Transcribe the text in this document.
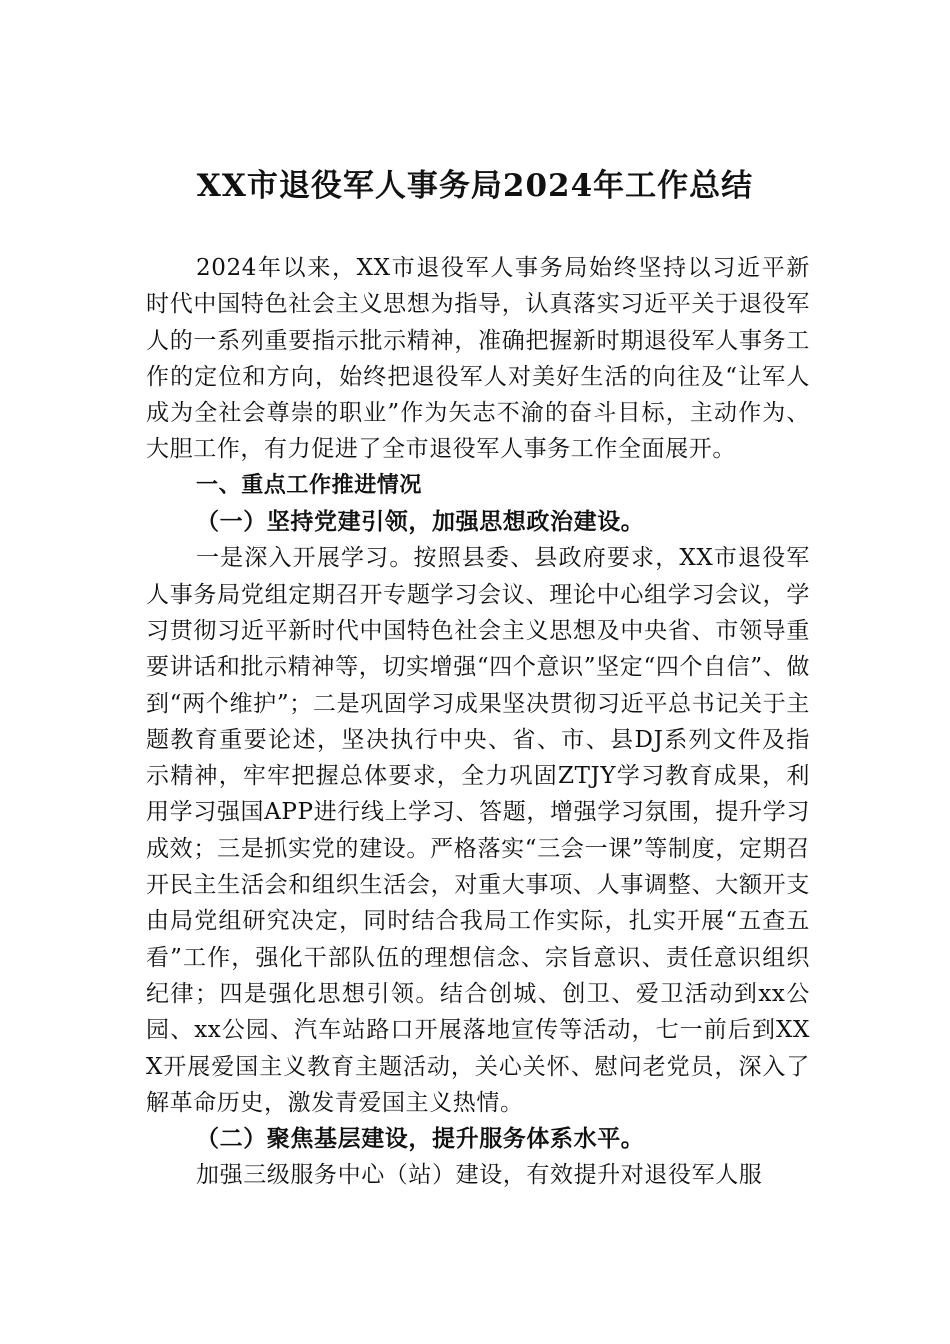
XX市退役军人事务局2024年工作总结

2024年以来，XX市退役军人事务局始终坚持以习近平新时代中国特色社会主义思想为指导，认真落实习近平关于退役军人的一系列重要指示批示精神，准确把握新时期退役军人事务工作的定位和方向，始终把退役军人对美好生活的向往及“让军人成为全社会尊崇的职业”作为矢志不渝的奋斗目标，主动作为、大胆工作，有力促进了全市退役军人事务工作全面展开。

一、重点工作推进情况

（一）坚持党建引领，加强思想政治建设。

一是深入开展学习。按照县委、县政府要求，XX市退役军人事务局党组定期召开专题学习会议、理论中心组学习会议，学习贯彻习近平新时代中国特色社会主义思想及中央省、市领导重要讲话和批示精神等，切实增强“四个意识”坚定“四个自信”、做到“两个维护”；二是巩固学习成果坚决贯彻习近平总书记关于主题教育重要论述，坚决执行中央、省、市、县DJ系列文件及指示精神，牢牢把握总体要求，全力巩固ZTJY学习教育成果，利用学习强国APP进行线上学习、答题，增强学习氛围，提升学习成效；三是抓实党的建设。严格落实“三会一课”等制度，定期召开民主生活会和组织生活会，对重大事项、人事调整、大额开支由局党组研究决定，同时结合我局工作实际，扎实开展“五查五看”工作，强化干部队伍的理想信念、宗旨意识、责任意识组织纪律；四是强化思想引领。结合创城、创卫、爱卫活动到xx公园、xx公园、汽车站路口开展落地宣传等活动，七一前后到XXX开展爱国主义教育主题活动，关心关怀、慰问老党员，深入了解革命历史，激发青爱国主义热情。

（二）聚焦基层建设，提升服务体系水平。

加强三级服务中心（站）建设，有效提升对退役军人服
